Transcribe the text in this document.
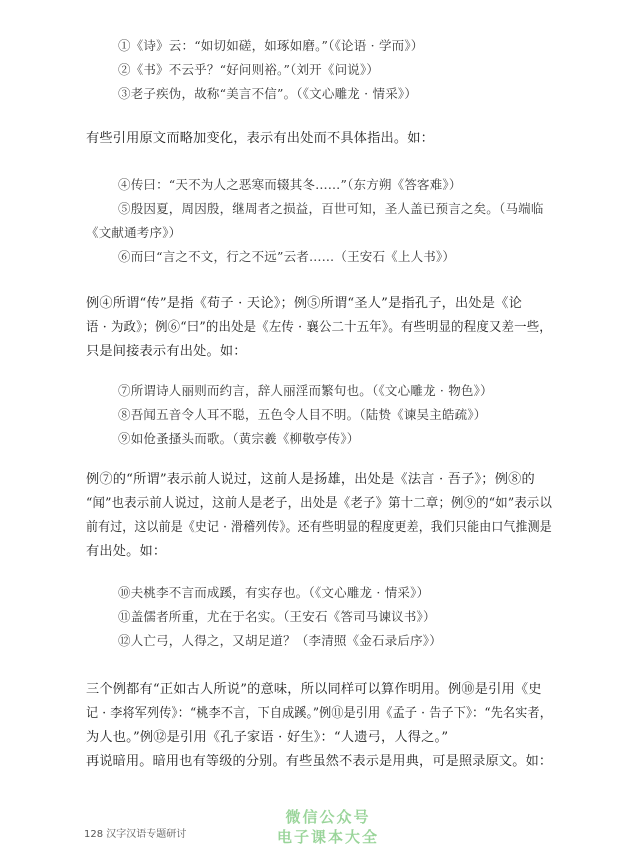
①《诗》云：“如切如磋，如琢如磨。”（《论语 · 学而》）

②《书》不云乎？“好问则裕。”（刘开《问说》）

③老子疾伪，故称“美言不信”。（《文心雕龙 · 情采》）

有些引用原文而略加变化，表示有出处而不具体指出。如：

④传曰：“天不为人之恶寒而辍其冬……”（东方朔《答客难》）

⑤殷因夏，周因殷，继周者之损益，百世可知，圣人盖已预言之矣。（马端临

《文献通考序》）

⑥而曰“言之不文，行之不远”云者……（王安石《上人书》）

例④所谓“传”是指《荀子 · 天论》；例⑤所谓“圣人”是指孔子，出处是《论

语 · 为政》；例⑥“曰”的出处是《左传 · 襄公二十五年》。有些明显的程度又差一些，

只是间接表示有出处。如：

⑦所谓诗人丽则而约言，辞人丽淫而繁句也。（《文心雕龙 · 物色》）

⑧吾闻五音令人耳不聪，五色令人目不明。（陆贽《谏吴主皓疏》）

⑨如伧蚤搔头而歌。（黄宗羲《柳敬亭传》）

例⑦的“所谓”表示前人说过，这前人是扬雄，出处是《法言 · 吾子》；例⑧的

“闻”也表示前人说过，这前人是老子，出处是《老子》第十二章；例⑨的“如”表示以

前有过，这以前是《史记 · 滑稽列传》。还有些明显的程度更差，我们只能由口气推测是

有出处。如：

⑩夫桃李不言而成蹊，有实存也。（《文心雕龙 · 情采》）

⑪盖儒者所重，尤在于名实。（王安石《答司马谏议书》）

⑫人亡弓，人得之，又胡足道？（李清照《金石录后序》）

三个例都有“正如古人所说”的意味，所以同样可以算作明用。例⑩是引用《史

记 · 李将军列传》：“桃李不言，下自成蹊。”例⑪是引用《孟子 · 告子下》：“先名实者，

为人也。”例⑫是引用《孔子家语 · 好生》：“人遗弓，人得之。”

再说暗用。暗用也有等级的分别。有些虽然不表示是用典，可是照录原文。如：

128 汉字汉语专题研讨
微信公众号
电子课本大全
